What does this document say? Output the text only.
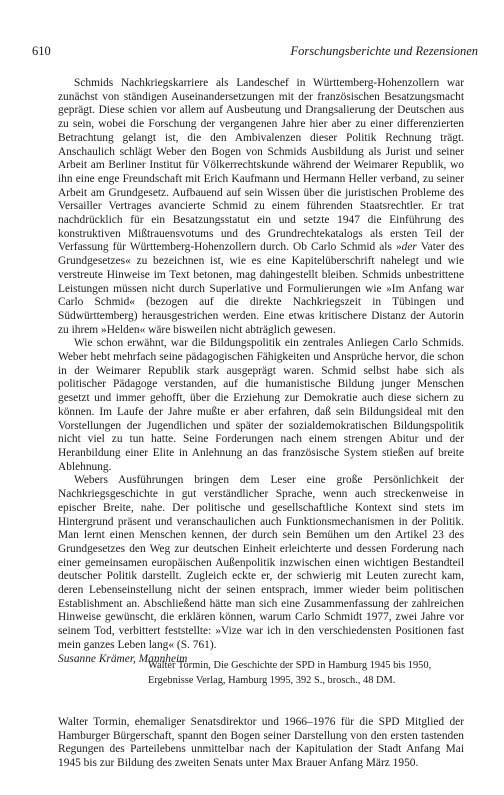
610	Forschungsberichte und Rezensionen

Schmids Nachkriegskarriere als Landeschef in Württemberg-Hohenzollern war zunächst von ständigen Auseinandersetzungen mit der französischen Besatzungsmacht geprägt. Diese schien vor allem auf Ausbeutung und Drangsalierung der Deutschen aus zu sein, wobei die Forschung der vergangenen Jahre hier aber zu einer differenzierten Betrachtung gelangt ist, die den Ambivalenzen dieser Politik Rechnung trägt. Anschaulich schlägt Weber den Bogen von Schmids Ausbildung als Jurist und seiner Arbeit am Berliner Institut für Völkerrechtskunde während der Weimarer Republik, wo ihn eine enge Freundschaft mit Erich Kaufmann und Hermann Heller verband, zu seiner Arbeit am Grundgesetz. Aufbauend auf sein Wissen über die juristischen Probleme des Versailler Vertrages avancierte Schmid zu einem führenden Staatsrechtler. Er trat nachdrücklich für ein Besatzungsstatut ein und setzte 1947 die Einführung des konstruktiven Mißtrauensvotums und des Grundrechtekatalogs als ersten Teil der Verfassung für Württemberg-Hohenzollern durch. Ob Carlo Schmid als »der Vater des Grundgesetzes« zu bezeichnen ist, wie es eine Kapitelüberschrift nahelegt und wie verstreute Hinweise im Text betonen, mag dahingestellt bleiben. Schmids unbestrittene Leistungen müssen nicht durch Superlative und Formulierungen wie »Im Anfang war Carlo Schmid« (bezogen auf die direkte Nachkriegszeit in Tübingen und Südwürttemberg) herausgestrichen werden. Eine etwas kritischere Distanz der Autorin zu ihrem »Helden« wäre bisweilen nicht abträglich gewesen.

Wie schon erwähnt, war die Bildungspolitik ein zentrales Anliegen Carlo Schmids. Weber hebt mehrfach seine pädagogischen Fähigkeiten und Ansprüche hervor, die schon in der Weimarer Republik stark ausgeprägt waren. Schmid selbst habe sich als politischer Pädagoge verstanden, auf die humanistische Bildung junger Menschen gesetzt und immer gehofft, über die Erziehung zur Demokratie auch diese sichern zu können. Im Laufe der Jahre mußte er aber erfahren, daß sein Bildungsideal mit den Vorstellungen der Jugendlichen und später der sozialdemokratischen Bildungspolitik nicht viel zu tun hatte. Seine Forderungen nach einem strengen Abitur und der Heranbildung einer Elite in Anlehnung an das französische System stießen auf breite Ablehnung.

Webers Ausführungen bringen dem Leser eine große Persönlichkeit der Nachkriegsgeschichte in gut verständlicher Sprache, wenn auch streckenweise in epischer Breite, nahe. Der politische und gesellschaftliche Kontext sind stets im Hintergrund präsent und veranschaulichen auch Funktionsmechanismen in der Politik. Man lernt einen Menschen kennen, der durch sein Bemühen um den Artikel 23 des Grundgesetzes den Weg zur deutschen Einheit erleichterte und dessen Forderung nach einer gemeinsamen europäischen Außenpolitik inzwischen einen wichtigen Bestandteil deutscher Politik darstellt. Zugleich eckte er, der schwierig mit Leuten zurecht kam, deren Lebenseinstellung nicht der seinen entsprach, immer wieder beim politischen Establishment an. Abschließend hätte man sich eine Zusammenfassung der zahlreichen Hinweise gewünscht, die erklären können, warum Carlo Schmidt 1977, zwei Jahre vor seinem Tod, verbittert feststellte: »Vize war ich in den verschiedensten Positionen fast mein ganzes Leben lang« (S. 761).

Susanne Krämer, Mannheim

Walter Tormin, Die Geschichte der SPD in Hamburg 1945 bis 1950, Ergebnisse Verlag, Hamburg 1995, 392 S., brosch., 48 DM.

Walter Tormin, ehemaliger Senatsdirektor und 1966–1976 für die SPD Mitglied der Hamburger Bürgerschaft, spannt den Bogen seiner Darstellung von den ersten tastenden Regungen des Parteilebens unmittelbar nach der Kapitulation der Stadt Anfang Mai 1945 bis zur Bildung des zweiten Senats unter Max Brauer Anfang März 1950.
